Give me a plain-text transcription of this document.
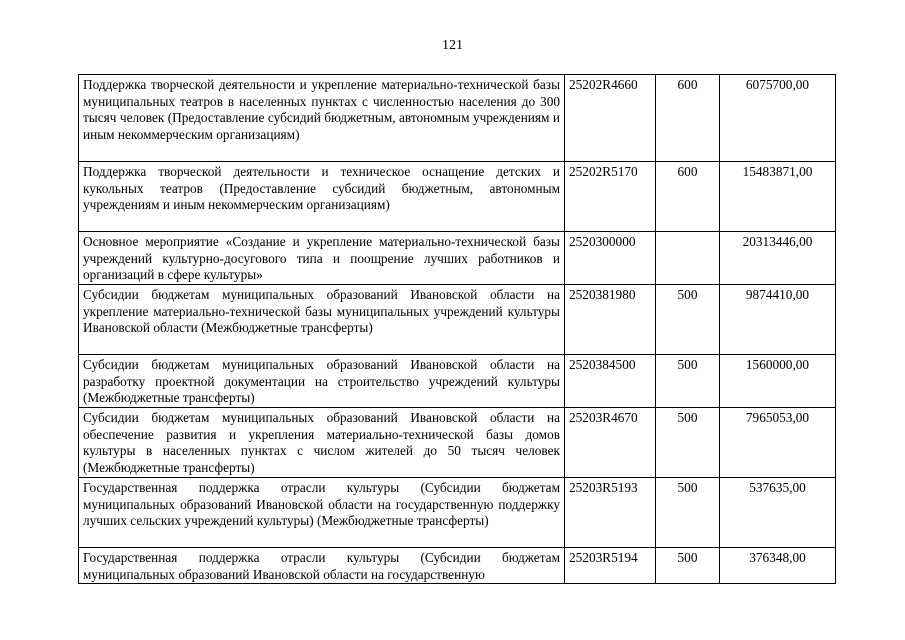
121
Поддержка творческой деятельности и укрепление материально-технической базы муниципальных театров в населенных пунктах с численностью населения до 300 тысяч человек (Предоставление субсидий бюджетным, автономным учреждениям и иным некоммерческим организациям)	25202R4660	600	6075700,00
Поддержка творческой деятельности и техническое оснащение детских и кукольных театров (Предоставление субсидий бюджетным, автономным учреждениям и иным некоммерческим организациям)	25202R5170	600	15483871,00
Основное мероприятие «Создание и укрепление материально-технической базы учреждений культурно-досугового типа и поощрение лучших работников и организаций в сфере культуры»	2520300000		20313446,00
Субсидии бюджетам муниципальных образований Ивановской области на укрепление материально-технической базы муниципальных учреждений культуры Ивановской области (Межбюджетные трансферты)	2520381980	500	9874410,00
Субсидии бюджетам муниципальных образований Ивановской области на разработку проектной документации на строительство учреждений культуры (Межбюджетные трансферты)	2520384500	500	1560000,00
Субсидии бюджетам муниципальных образований Ивановской области на обеспечение развития и укрепления материально-технической базы домов культуры в населенных пунктах с числом жителей до 50 тысяч человек (Межбюджетные трансферты)	25203R4670	500	7965053,00
Государственная поддержка отрасли культуры (Субсидии бюджетам муниципальных образований Ивановской области на государственную поддержку лучших сельских учреждений культуры) (Межбюджетные трансферты)	25203R5193	500	537635,00
Государственная поддержка отрасли культуры (Субсидии бюджетам муниципальных образований Ивановской области на государственную	25203R5194	500	376348,00
